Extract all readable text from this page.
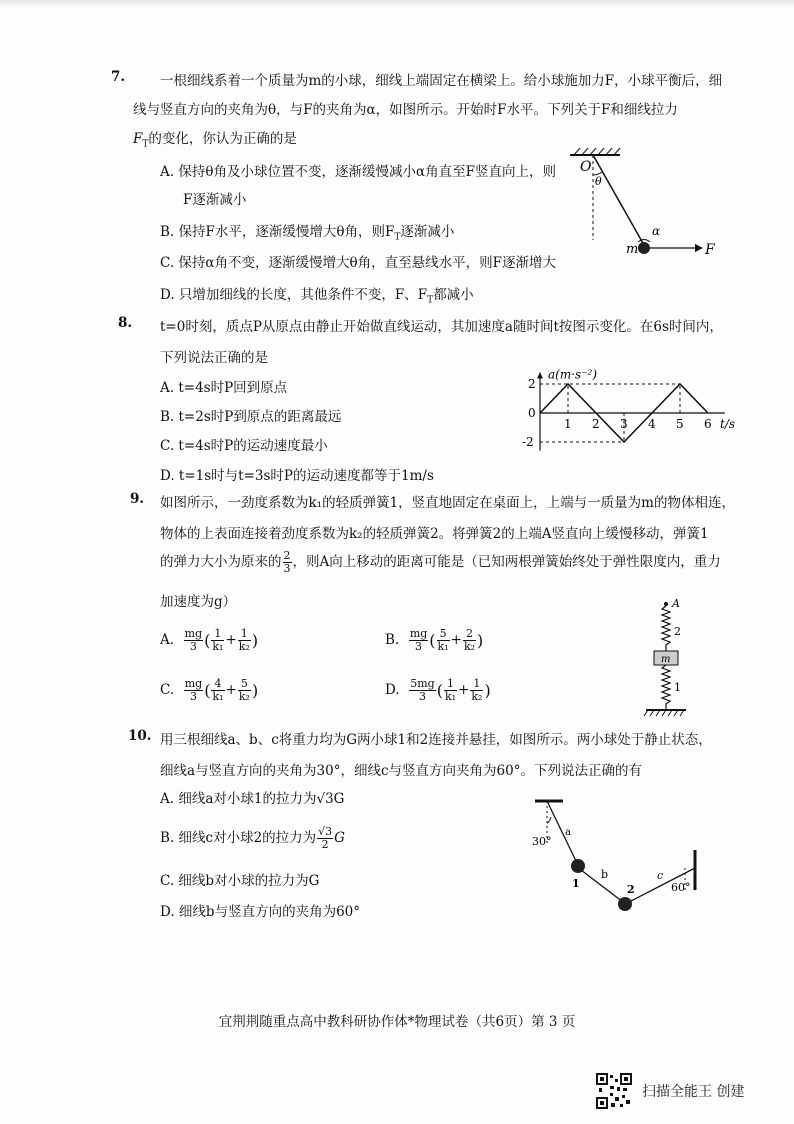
7.	一根细线系着一个质量为m的小球，细线上端固定在横梁上。给小球施加力F，小球平衡后，细
线与竖直方向的夹角为θ，与F的夹角为α，如图所示。开始时F水平。下列关于F和细线拉力
$F_T$的变化，你认为正确的是
A. 保持θ角及小球位置不变，逐渐缓慢减小α角直至F竖直向上，则
F逐渐减小
B. 保持F水平，逐渐缓慢增大θ角，则$F_T$逐渐减小
C. 保持α角不变，逐渐缓慢增大θ角，直至悬线水平，则F逐渐增大
D. 只增加细线的长度，其他条件不变，F、$F_T$都减小
O
θ
α
m	F
8. t=0时刻，质点P从原点由静止开始做直线运动，其加速度a随时间t按图示变化。在6s时间内，
下列说法正确的是
A. t=4s时P回到原点
B. t=2s时P到原点的距离最远
C. t=4s时P的运动速度最小
D. t=1s时与t=3s时P的运动速度都等于1m/s
1 2 3 4 5 6
2
0
-2
a(m·s⁻²)
t/s
9. 如图所示，一劲度系数为k₁的轻质弹簧1，竖直地固定在桌面上，上端与一质量为m的物体相连，
物体的上表面连接着劲度系数为k₂的轻质弹簧2。将弹簧2的上端A竖直向上缓慢移动，弹簧1
的弹力大小为原来的 $\frac{2}{3}$ ，则A向上移动的距离可能是（已知两根弹簧始终处于弹性限度内，重力
加速度为g）
A. $\frac{mg}{3}$ ( $\frac{1}{\text{k₁}} + \frac{1}{\text{k₂}}$ )	B. $\frac{mg}{3}$ ( $\frac{5}{\text{k₁}} + \frac{2}{\text{k₂}}$ )
C. $\frac{mg}{3}$ ( $\frac{4}{\text{k₁}} + \frac{5}{\text{k₂}}$ )	D. $\frac{5mg}{3}$ ( $\frac{1}{\text{k₁}} + \frac{1}{\text{k₂}}$ )
A
2
m
1
10. 用三根细线a、b、c将重力均为G两小球1和2连接并悬挂，如图所示。两小球处于静止状态，
细线a与竖直方向的夹角为30°，细线c与竖直方向夹角为60°。下列说法正确的有
A. 细线a对小球1的拉力为√3G
B. 细线c对小球2的拉力为 $\frac{√3}{2}$ G
C. 细线b对小球的拉力为G
D. 细线b与竖直方向的夹角为60°
a
b	c
30°
60°
1	2
宜荆荆随重点高中教科研协作体*物理试卷（共6页）第 3 页
扫描全能王 创建
